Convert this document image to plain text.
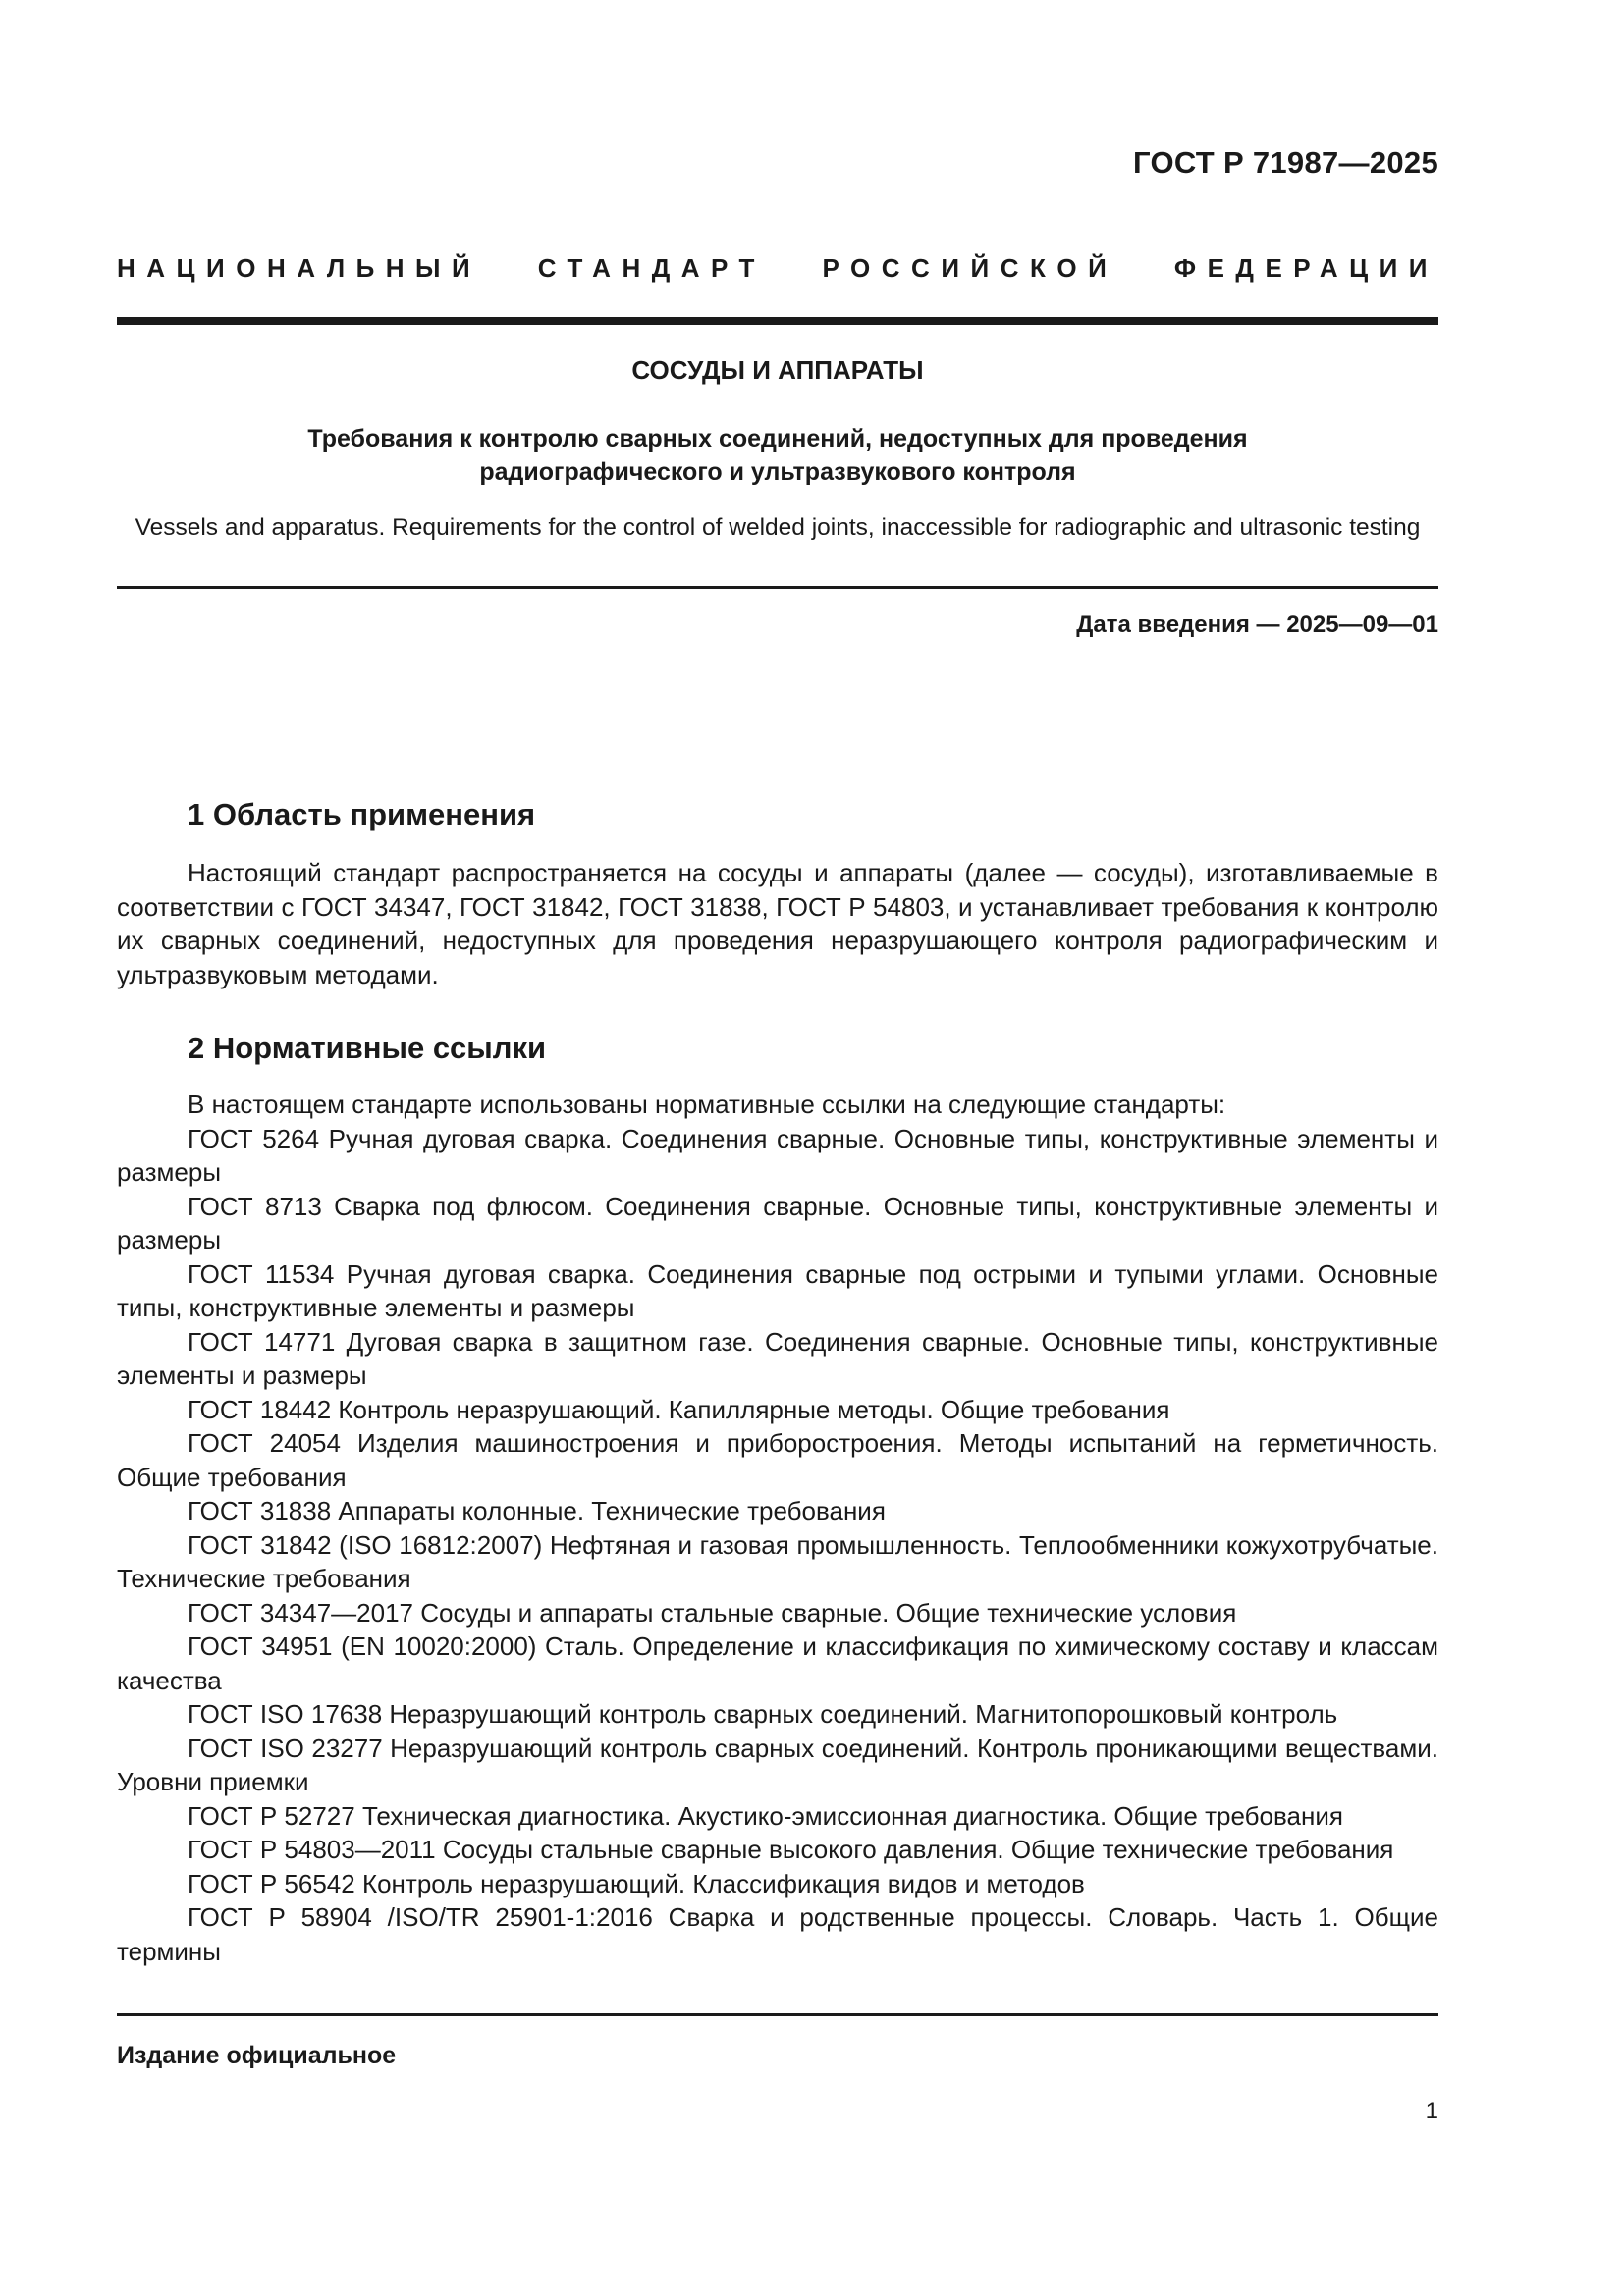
ГОСТ Р 71987—2025
НАЦИОНАЛЬНЫЙ СТАНДАРТ РОССИЙСКОЙ ФЕДЕРАЦИИ
СОСУДЫ И АППАРАТЫ
Требования к контролю сварных соединений, недоступных для проведения
радиографического и ультразвукового контроля
Vessels and apparatus. Requirements for the control of welded joints, inaccessible for radiographic and ultrasonic testing
Дата введения — 2025—09—01
1 Область применения

Настоящий стандарт распространяется на сосуды и аппараты (далее — сосуды), изготавливаемые в соответствии с ГОСТ 34347, ГОСТ 31842, ГОСТ 31838, ГОСТ Р 54803, и устанавливает требования к контролю их сварных соединений, недоступных для проведения неразрушающего контроля радиографическим и ультразвуковым методами.

2 Нормативные ссылки

В настоящем стандарте использованы нормативные ссылки на следующие стандарты:

ГОСТ 5264 Ручная дуговая сварка. Соединения сварные. Основные типы, конструктивные элементы и размеры

ГОСТ 8713 Сварка под флюсом. Соединения сварные. Основные типы, конструктивные элементы и размеры

ГОСТ 11534 Ручная дуговая сварка. Соединения сварные под острыми и тупыми углами. Основные типы, конструктивные элементы и размеры

ГОСТ 14771 Дуговая сварка в защитном газе. Соединения сварные. Основные типы, конструктивные элементы и размеры

ГОСТ 18442 Контроль неразрушающий. Капиллярные методы. Общие требования

ГОСТ 24054 Изделия машиностроения и приборостроения. Методы испытаний на герметичность. Общие требования

ГОСТ 31838 Аппараты колонные. Технические требования

ГОСТ 31842 (ISO 16812:2007) Нефтяная и газовая промышленность. Теплообменники кожухотрубчатые. Технические требования

ГОСТ 34347—2017 Сосуды и аппараты стальные сварные. Общие технические условия

ГОСТ 34951 (EN 10020:2000) Сталь. Определение и классификация по химическому составу и классам качества

ГОСТ ISO 17638 Неразрушающий контроль сварных соединений. Магнитопорошковый контроль

ГОСТ ISO 23277 Неразрушающий контроль сварных соединений. Контроль проникающими веществами. Уровни приемки

ГОСТ Р 52727 Техническая диагностика. Акустико-эмиссионная диагностика. Общие требования

ГОСТ Р 54803—2011 Сосуды стальные сварные высокого давления. Общие технические требования

ГОСТ Р 56542 Контроль неразрушающий. Классификация видов и методов

ГОСТ Р 58904 /ISO/TR 25901-1:2016 Сварка и родственные процессы. Словарь. Часть 1. Общие термины

Издание официальное
1
